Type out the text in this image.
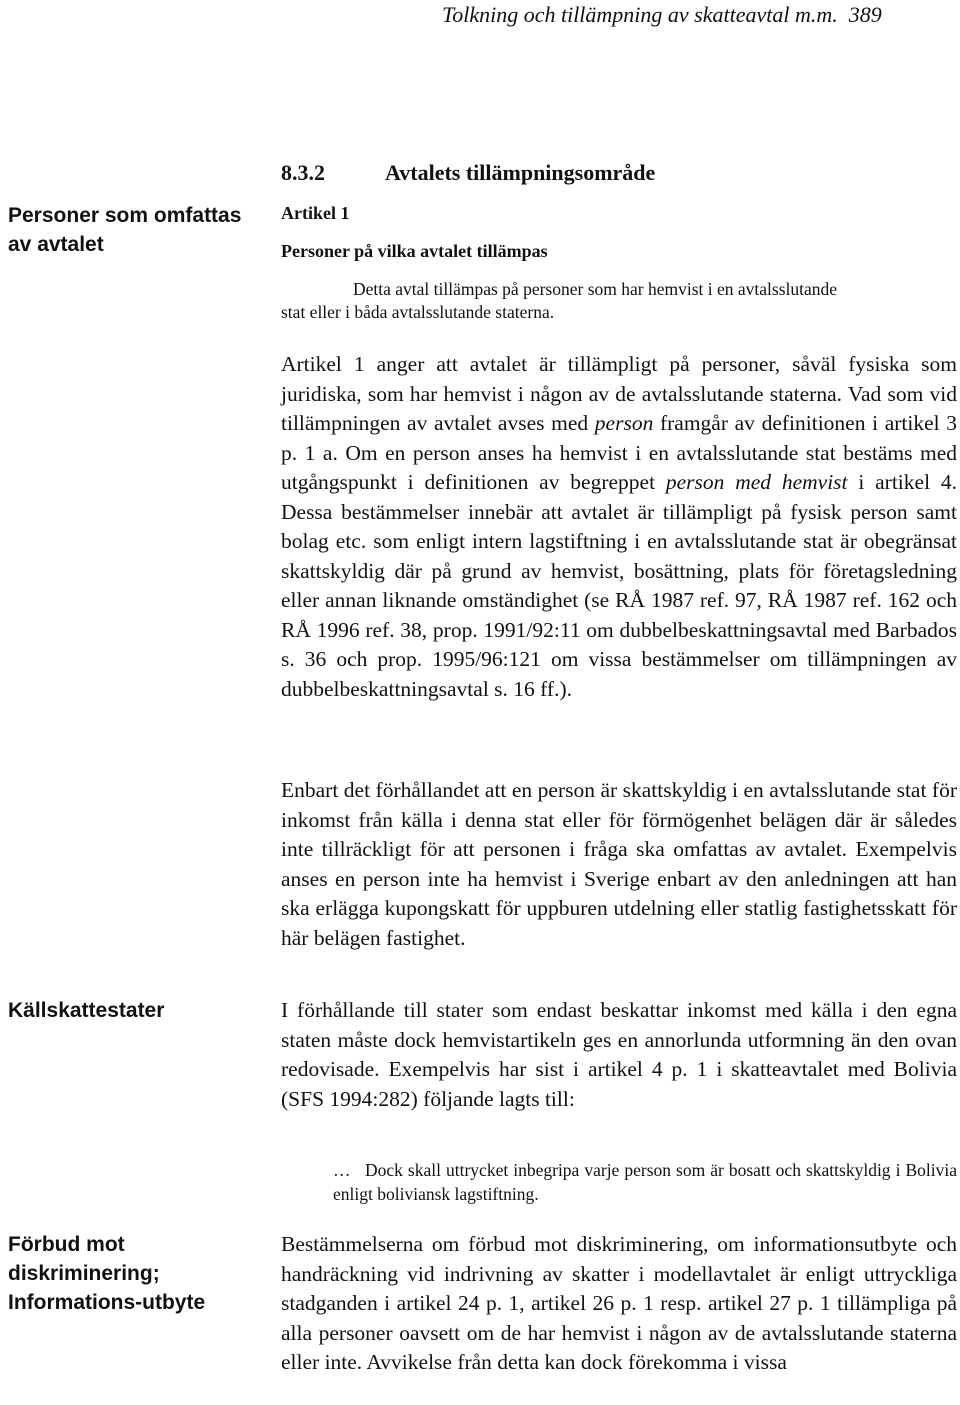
Tolkning och tillämpning av skatteavtal m.m. 389
Personer som omfattas av avtalet
Källskattestater
Förbud mot diskriminering; Informations-utbyte
8.3.2	Avtalets tillämpningsområde
Artikel 1
Personer på vilka avtalet tillämpas
Detta avtal tillämpas på personer som har hemvist i en avtalsslutande
stat eller i båda avtalsslutande staterna.
Artikel 1 anger att avtalet är tillämpligt på personer, såväl fysiska som juridiska, som har hemvist i någon av de avtalsslutande staterna. Vad som vid tillämpningen av avtalet avses med person framgår av definitionen i artikel 3 p. 1 a. Om en person anses ha hemvist i en avtalsslutande stat bestäms med utgångspunkt i definitionen av begreppet person med hemvist i artikel 4. Dessa bestämmelser innebär att avtalet är tillämpligt på fysisk person samt bolag etc. som enligt intern lagstiftning i en avtalsslutande stat är obegränsat skattskyldig där på grund av hemvist, bosättning, plats för företagsledning eller annan liknande omständighet (se RÅ 1987 ref. 97, RÅ 1987 ref. 162 och RÅ 1996 ref. 38, prop. 1991/92:11 om dubbelbeskattningsavtal med Barbados s. 36 och prop. 1995/96:121 om vissa bestämmelser om tillämpningen av dubbelbeskattningsavtal s. 16 ff.).
Enbart det förhållandet att en person är skattskyldig i en avtalsslutande stat för inkomst från källa i denna stat eller för förmögenhet belägen där är således inte tillräckligt för att personen i fråga ska omfattas av avtalet. Exempelvis anses en person inte ha hemvist i Sverige enbart av den anledningen att han ska erlägga kupongskatt för uppburen utdelning eller statlig fastighetsskatt för här belägen fastighet.
I förhållande till stater som endast beskattar inkomst med källa i den egna staten måste dock hemvistartikeln ges en annorlunda utformning än den ovan redovisade. Exempelvis har sist i artikel 4 p. 1 i skatteavtalet med Bolivia (SFS 1994:282) följande lagts till:
… Dock skall uttrycket inbegripa varje person som är bosatt och skattskyldig i Bolivia enligt boliviansk lagstiftning.
Bestämmelserna om förbud mot diskriminering, om informationsutbyte och handräckning vid indrivning av skatter i modellavtalet är enligt uttryckliga stadganden i artikel 24 p. 1, artikel 26 p. 1 resp. artikel 27 p. 1 tillämpliga på alla personer oavsett om de har hemvist i någon av de avtalsslutande staterna eller inte. Avvikelse från detta kan dock förekomma i vissa
